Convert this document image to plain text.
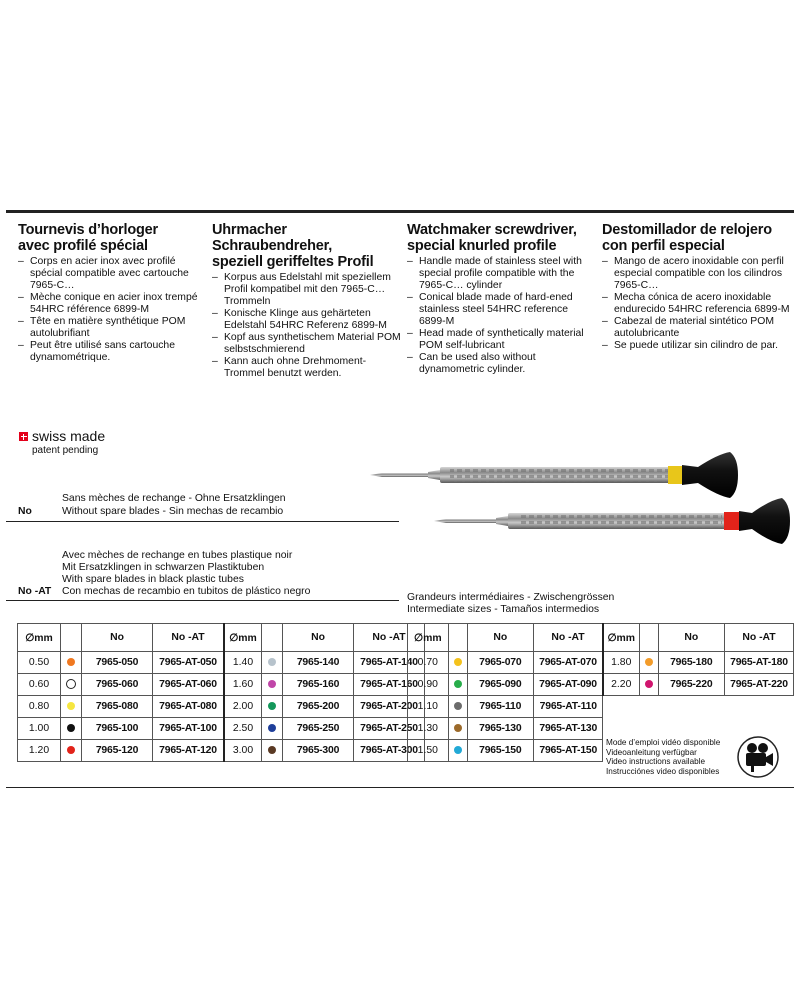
Tournevis d’horloger
avec profilé spécial
– Corps en acier inox avec profilé spécial compatible avec cartouche 7965-C…
– Mèche conique en acier inox trempé 54HRC référence 6899-M
– Tête en matière synthétique POM autolubrifiant
– Peut être utilisé sans cartouche dynamométrique.
Uhrmacher
Schraubendreher,
speziell geriffeltes Profil
– Korpus aus Edelstahl mit speziellem Profil kompatibel mit den 7965-C… Trommeln
– Konische Klinge aus gehärteten Edelstahl 54HRC Referenz 6899-M
– Kopf aus synthetischem Material POM selbstschmierend
– Kann auch ohne Drehmoment-Trommel benutzt werden.
Watchmaker screwdriver,
special knurled profile
– Handle made of stainless steel with special profile compatible with the 7965-C… cylinder
– Conical blade made of hard-ened stainless steel 54HRC reference 6899-M
– Head made of synthetically material POM self-lubricant
– Can be used also without dynamometric cylinder.
Destomillador de relojero
con perfil especial
– Mango de acero inoxidable con perfil especial compatible con los cilindros 7965-C…
– Mecha cónica de acero inoxidable endurecido 54HRC referencia 6899-M
– Cabezal de material sintético POM autolubricante
– Se puede utilizar sin cilindro de par.
swiss made
patent pending
Sans mèches de rechange - Ohne Ersatzklingen
No	Without spare blades - Sin mechas de recambio
Avec mèches de rechange en tubes plastique noir
Mit Ersatzklingen in schwarzen Plastiktuben
With spare blades in black plastic tubes
No -AT Con mechas de recambio en tubitos de plástico negro
Grandeurs intermédiaires - Zwischengrössen
Intermediate sizes - Tamaños intermedios
∅mm		No	No -AT	∅mm		No	No -AT
0.50		7965-050	7965-AT-050	1.40		7965-140	7965-AT-140
0.60		7965-060	7965-AT-060	1.60		7965-160	7965-AT-160
0.80		7965-080	7965-AT-080	2.00		7965-200	7965-AT-200
1.00		7965-100	7965-AT-100	2.50		7965-250	7965-AT-250
1.20		7965-120	7965-AT-120	3.00		7965-300	7965-AT-300
∅mm		No	No -AT	∅mm		No	No -AT
0.70		7965-070	7965-AT-070	1.80		7965-180	7965-AT-180
0.90		7965-090	7965-AT-090	2.20		7965-220	7965-AT-220
1.10		7965-110	7965-AT-110				
1.30		7965-130	7965-AT-130				
1.50		7965-150	7965-AT-150				
Mode d’emploi vidéo disponible
Videoanleitung verfügbar
Video instructions available
Instrucciónes video disponibles
